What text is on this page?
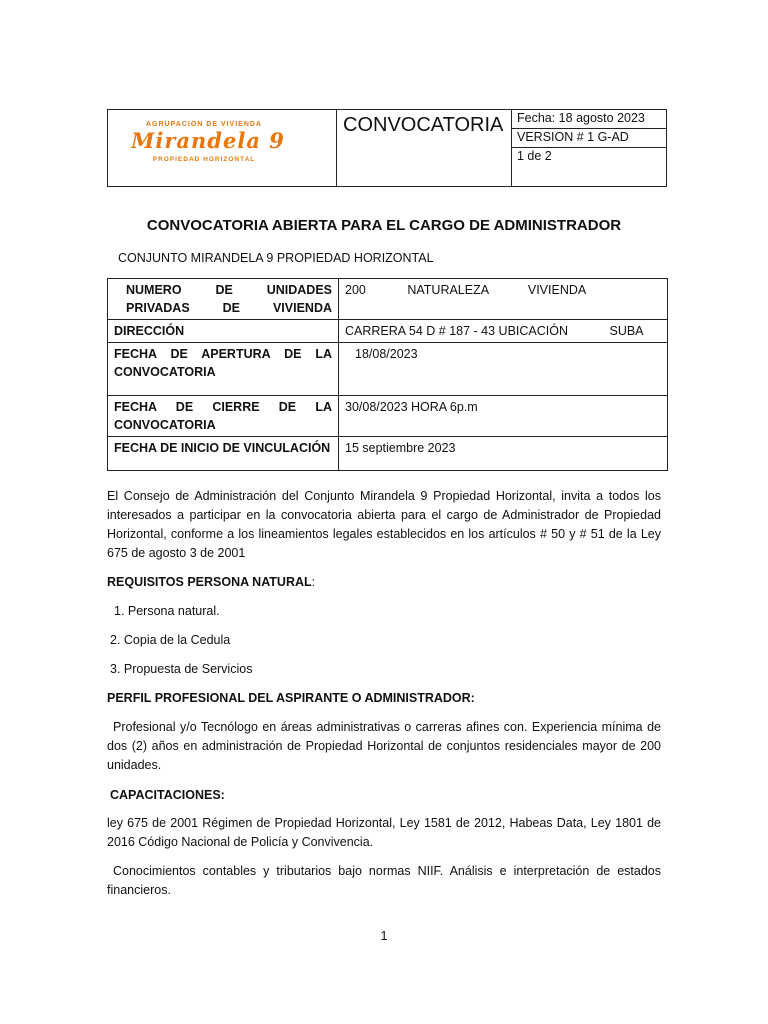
	CONVOCATORIA	Fecha: 18 agosto 2023
VERSION # 1 G-AD
1 de 2
AGRUPACION DE VIVIENDA
Mirandela 9
PROPIEDAD HORIZONTAL
CONVOCATORIA ABIERTA PARA EL CARGO DE ADMINISTRADOR
CONJUNTO MIRANDELA 9 PROPIEDAD HORIZONTAL
NUMERO DE UNIDADES PRIVADAS DE VIVIENDA	200 NATURALEZA VIVIENDA
DIRECCIÓN	CARRERA 54 D # 187 - 43 UBICACIÓN SUBA

FECHA DE APERTURA DE LA CONVOCATORIA	18/08/2023

FECHA DE CIERRE DE LA CONVOCATORIA	30/08/2023 HORA 6p.m
FECHA DE INICIO DE VINCULACIÓN	15 septiembre 2023
El Consejo de Administración del Conjunto Mirandela 9 Propiedad Horizontal, invita a todos los interesados a participar en la convocatoria abierta para el cargo de Administrador de Propiedad Horizontal, conforme a los lineamientos legales establecidos en los artículos # 50 y # 51 de la Ley 675 de agosto 3 de 2001
REQUISITOS PERSONA NATURAL:
1. Persona natural.
2. Copia de la Cedula
3. Propuesta de Servicios
PERFIL PROFESIONAL DEL ASPIRANTE O ADMINISTRADOR:
Profesional y/o Tecnólogo en áreas administrativas o carreras afines con. Experiencia mínima de dos (2) años en administración de Propiedad Horizontal de conjuntos residenciales mayor de 200 unidades.
CAPACITACIONES:
ley 675 de 2001 Régimen de Propiedad Horizontal, Ley 1581 de 2012, Habeas Data, Ley 1801 de 2016 Código Nacional de Policía y Convivencia.
Conocimientos contables y tributarios bajo normas NIIF. Análisis e interpretación de estados financieros.
1
